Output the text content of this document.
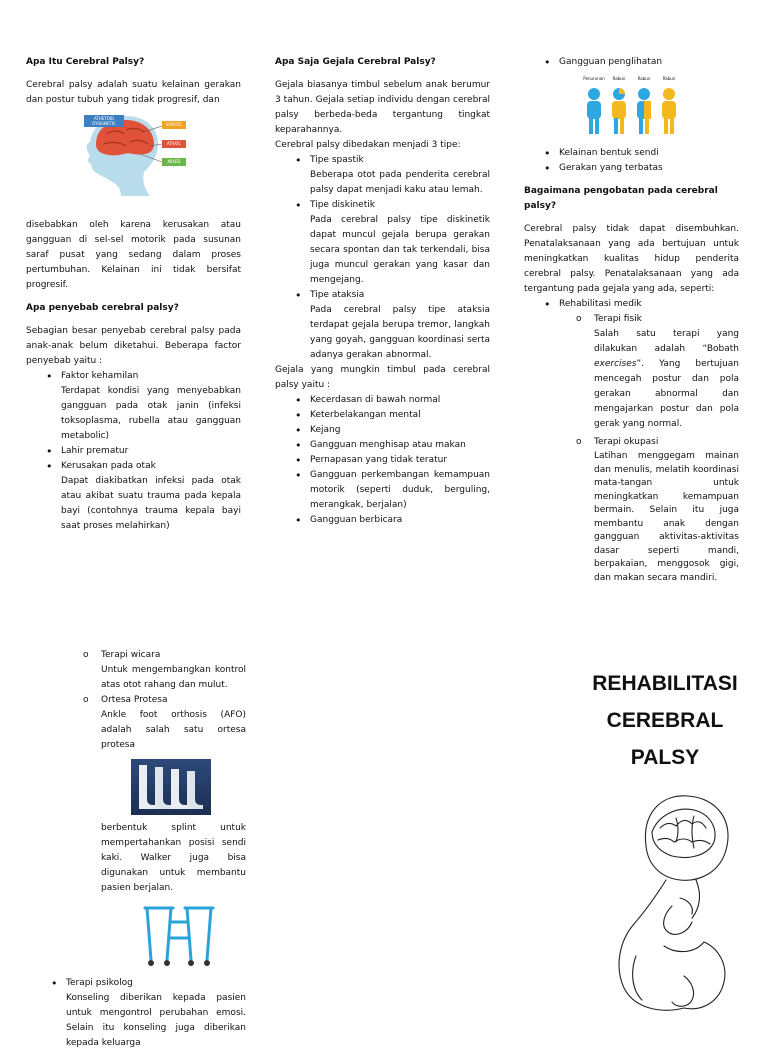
Apa Itu Cerebral Palsy?

Cerebral palsy adalah suatu kelainan gerakan dan postur tubuh yang tidak progresif, dan

ATHETOID DYSKINETIC	SPASTIC
ATAXIC
MIXED

disebabkan oleh karena kerusakan atau gangguan di sel-sel motorik pada susunan saraf pusat yang sedang dalam proses pertumbuhan. Kelainan ini tidak bersifat progresif.

Apa penyebab cerebral palsy?

Sebagian besar penyebab cerebral palsy pada anak-anak belum diketahui. Beberapa factor penyebab yaitu :

• Faktor kehamilan
Terdapat kondisi yang menyebabkan gangguan pada otak janin (infeksi toksoplasma, rubella atau gangguan metabolic)
• Lahir prematur
• Kerusakan pada otak
Dapat diakibatkan infeksi pada otak atau akibat suatu trauma pada kepala bayi (contohnya trauma kepala bayi saat proses melahirkan)
Apa Saja Gejala Cerebral Palsy?

Gejala biasanya timbul sebelum anak berumur 3 tahun. Gejala setiap individu dengan cerebral palsy berbeda-beda tergantung tingkat keparahannya.

Cerebral palsy dibedakan menjadi 3 tipe:

• Tipe spastik
Beberapa otot pada penderita cerebral palsy dapat menjadi kaku atau lemah.
• Tipe diskinetik
Pada cerebral palsy tipe diskinetik dapat muncul gejala berupa gerakan secara spontan dan tak terkendali, bisa juga muncul gerakan yang kasar dan mengejang.
• Tipe ataksia
Pada cerebral palsy tipe ataksia terdapat gejala berupa tremor, langkah yang goyah, gangguan koordinasi serta adanya gerakan abnormal.

Gejala yang mungkin timbul pada cerebral palsy yaitu :

• Kecerdasan di bawah normal
• Keterbelakangan mental
• Kejang
• Gangguan menghisap atau makan
• Pernapasan yang tidak teratur
• Gangguan perkembangan kemampuan motorik (seperti duduk, berguling, merangkak, berjalan)
• Gangguan berbicara
• Gangguan penglihatan
Penurunan	Rabun	Rabun	Rabun
• Kelainan bentuk sendi
• Gerakan yang terbatas
Bagaimana pengobatan pada cerebral palsy?

Cerebral palsy tidak dapat disembuhkan. Penatalaksanaan yang ada bertujuan untuk meningkatkan kualitas hidup penderita cerebral palsy. Penatalaksanaan yang ada tergantung pada gejala yang ada, seperti:

• Rehabilitasi medik
o Terapi fisik
Salah satu terapi yang dilakukan adalah “Bobath exercises”. Yang bertujuan mencegah postur dan pola gerakan abnormal dan mengajarkan postur dan pola gerak yang normal.
o Terapi okupasi
Latihan menggegam mainan dan menulis, melatih koordinasi mata-tangan untuk meningkatkan kemampuan bermain. Selain itu juga membantu anak dengan gangguan aktivitas-aktivitas dasar seperti mandi, berpakaian, menggosok gigi, dan makan secara mandiri.
o Terapi wicara
Untuk mengembangkan kontrol atas otot rahang dan mulut.
o Ortesa Protesa
Ankle foot orthosis (AFO) adalah salah satu ortesa protesa

berbentuk splint untuk mempertahankan posisi sendi kaki. Walker juga bisa digunakan untuk membantu pasien berjalan.

• Terapi psikolog
Konseling diberikan kepada pasien untuk mengontrol perubahan emosi. Selain itu konseling juga diberikan kepada keluarga
REHABILITASI
CEREBRAL
PALSY
